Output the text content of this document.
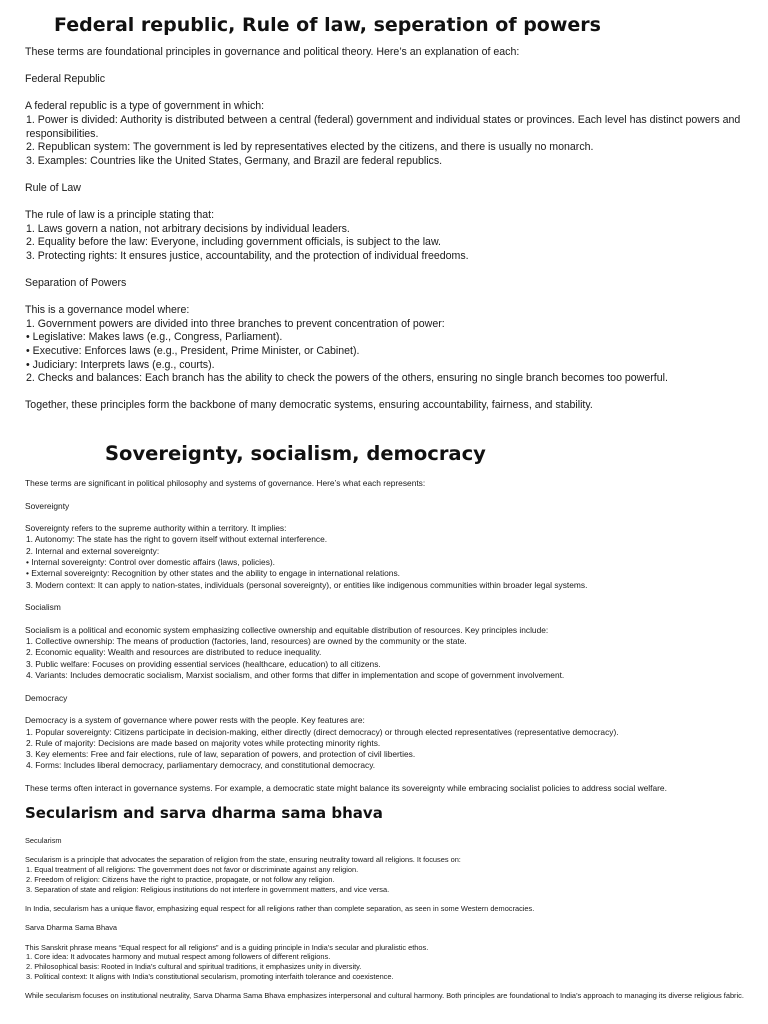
Federal republic, Rule of law, seperation of powers

These terms are foundational principles in governance and political theory. Here’s an explanation of each:

Federal Republic

A federal republic is a type of government in which:

1. Power is divided: Authority is distributed between a central (federal) government and individual states or provinces. Each level has distinct powers and responsibilities.

2. Republican system: The government is led by representatives elected by the citizens, and there is usually no monarch.

3. Examples: Countries like the United States, Germany, and Brazil are federal republics.

Rule of Law

The rule of law is a principle stating that:

1. Laws govern a nation, not arbitrary decisions by individual leaders.

2. Equality before the law: Everyone, including government officials, is subject to the law.

3. Protecting rights: It ensures justice, accountability, and the protection of individual freedoms.

Separation of Powers

This is a governance model where:

1. Government powers are divided into three branches to prevent concentration of power:

• Legislative: Makes laws (e.g., Congress, Parliament).

• Executive: Enforces laws (e.g., President, Prime Minister, or Cabinet).

• Judiciary: Interprets laws (e.g., courts).

2. Checks and balances: Each branch has the ability to check the powers of the others, ensuring no single branch becomes too powerful.

Together, these principles form the backbone of many democratic systems, ensuring accountability, fairness, and stability.

Sovereignty, socialism, democracy

These terms are significant in political philosophy and systems of governance. Here’s what each represents:

Sovereignty

Sovereignty refers to the supreme authority within a territory. It implies:

1. Autonomy: The state has the right to govern itself without external interference.

2. Internal and external sovereignty:

• Internal sovereignty: Control over domestic affairs (laws, policies).

• External sovereignty: Recognition by other states and the ability to engage in international relations.

3. Modern context: It can apply to nation-states, individuals (personal sovereignty), or entities like indigenous communities within broader legal systems.

Socialism

Socialism is a political and economic system emphasizing collective ownership and equitable distribution of resources. Key principles include:

1. Collective ownership: The means of production (factories, land, resources) are owned by the community or the state.

2. Economic equality: Wealth and resources are distributed to reduce inequality.

3. Public welfare: Focuses on providing essential services (healthcare, education) to all citizens.

4. Variants: Includes democratic socialism, Marxist socialism, and other forms that differ in implementation and scope of government involvement.

Democracy

Democracy is a system of governance where power rests with the people. Key features are:

1. Popular sovereignty: Citizens participate in decision-making, either directly (direct democracy) or through elected representatives (representative democracy).

2. Rule of majority: Decisions are made based on majority votes while protecting minority rights.

3. Key elements: Free and fair elections, rule of law, separation of powers, and protection of civil liberties.

4. Forms: Includes liberal democracy, parliamentary democracy, and constitutional democracy.

These terms often interact in governance systems. For example, a democratic state might balance its sovereignty while embracing socialist policies to address social welfare.

Secularism and sarva dharma sama bhava

Secularism

Secularism is a principle that advocates the separation of religion from the state, ensuring neutrality toward all religions. It focuses on:

1. Equal treatment of all religions: The government does not favor or discriminate against any religion.

2. Freedom of religion: Citizens have the right to practice, propagate, or not follow any religion.

3. Separation of state and religion: Religious institutions do not interfere in government matters, and vice versa.

In India, secularism has a unique flavor, emphasizing equal respect for all religions rather than complete separation, as seen in some Western democracies.

Sarva Dharma Sama Bhava

This Sanskrit phrase means “Equal respect for all religions” and is a guiding principle in India’s secular and pluralistic ethos.

1. Core idea: It advocates harmony and mutual respect among followers of different religions.

2. Philosophical basis: Rooted in India’s cultural and spiritual traditions, it emphasizes unity in diversity.

3. Political context: It aligns with India’s constitutional secularism, promoting interfaith tolerance and coexistence.

While secularism focuses on institutional neutrality, Sarva Dharma Sama Bhava emphasizes interpersonal and cultural harmony. Both principles are foundational to India’s approach to managing its diverse religious fabric.
